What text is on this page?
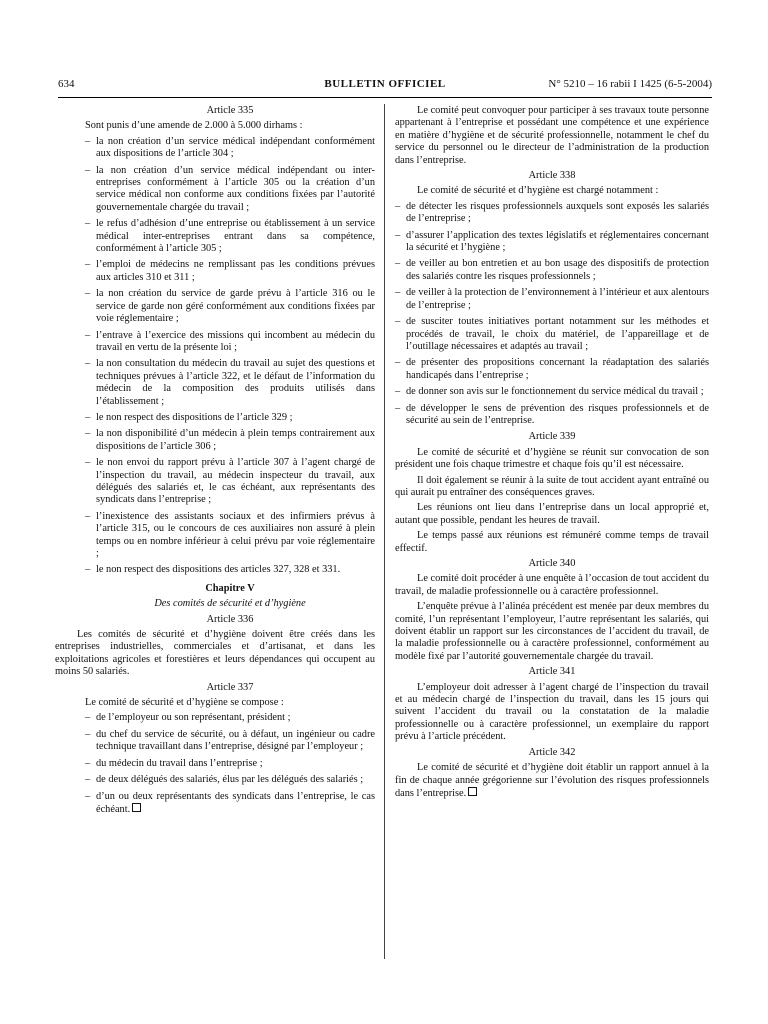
634	BULLETIN OFFICIEL	N° 5210 – 16 rabii I 1425 (6-5-2004)
Article 335
Sont punis d’une amende de 2.000 à 5.000 dirhams :
– la non création d’un service médical indépendant conformément aux dispositions de l’article 304 ;
– la non création d’un service médical indépendant ou inter-entreprises conformément à l’article 305 ou la création d’un service médical non conforme aux conditions fixées par l’autorité gouvernementale chargée du travail ;
– le refus d’adhésion d’une entreprise ou établissement à un service médical inter-entreprises entrant dans sa compétence, conformément à l’article 305 ;
– l’emploi de médecins ne remplissant pas les conditions prévues aux articles 310 et 311 ;
– la non création du service de garde prévu à l’article 316 ou le service de garde non géré conformément aux conditions fixées par voie réglementaire ;
– l’entrave à l’exercice des missions qui incombent au médecin du travail en vertu de la présente loi ;
– la non consultation du médecin du travail au sujet des questions et techniques prévues à l’article 322, et le défaut de l’information du médecin de la composition des produits utilisés dans l’établissement ;
– le non respect des dispositions de l’article 329 ;
– la non disponibilité d’un médecin à plein temps contrairement aux dispositions de l’article 306 ;
– le non envoi du rapport prévu à l’article 307 à l’agent chargé de l’inspection du travail, au médecin inspecteur du travail, aux délégués des salariés et, le cas échéant, aux représentants des syndicats dans l’entreprise ;
– l’inexistence des assistants sociaux et des infirmiers prévus à l’article 315, ou le concours de ces auxiliaires non assuré à plein temps ou en nombre inférieur à celui prévu par voie réglementaire ;
– le non respect des dispositions des articles 327, 328 et 331.
Chapitre V
Des comités de sécurité et d’hygiène
Article 336
Les comités de sécurité et d’hygiène doivent être créés dans les entreprises industrielles, commerciales et d’artisanat, et dans les exploitations agricoles et forestières et leurs dépendances qui occupent au moins 50 salariés.
Article 337
Le comité de sécurité et d’hygiène se compose :
– de l’employeur ou son représentant, président ;
– du chef du service de sécurité, ou à défaut, un ingénieur ou cadre technique travaillant dans l’entreprise, désigné par l’employeur ;
– du médecin du travail dans l’entreprise ;
– de deux délégués des salariés, élus par les délégués des salariés ;
– d’un ou deux représentants des syndicats dans l’entreprise, le cas échéant.
Le comité peut convoquer pour participer à ses travaux toute personne appartenant à l’entreprise et possédant une compétence et une expérience en matière d’hygiène et de sécurité professionnelle, notamment le chef du service du personnel ou le directeur de l’administration de la production dans l’entreprise.
Article 338
Le comité de sécurité et d’hygiène est chargé notamment :
– de détecter les risques professionnels auxquels sont exposés les salariés de l’entreprise ;
– d’assurer l’application des textes législatifs et réglementaires concernant la sécurité et l’hygiène ;
– de veiller au bon entretien et au bon usage des dispositifs de protection des salariés contre les risques professionnels ;
– de veiller à la protection de l’environnement à l’intérieur et aux alentours de l’entreprise ;
– de susciter toutes initiatives portant notamment sur les méthodes et procédés de travail, le choix du matériel, de l’appareillage et de l’outillage nécessaires et adaptés au travail ;
– de présenter des propositions concernant la réadaptation des salariés handicapés dans l’entreprise ;
– de donner son avis sur le fonctionnement du service médical du travail ;
– de développer le sens de prévention des risques professionnels et de sécurité au sein de l’entreprise.
Article 339
Le comité de sécurité et d’hygiène se réunit sur convocation de son président une fois chaque trimestre et chaque fois qu’il est nécessaire.
Il doit également se réunir à la suite de tout accident ayant entraîné ou qui aurait pu entraîner des conséquences graves.
Les réunions ont lieu dans l’entreprise dans un local approprié et, autant que possible, pendant les heures de travail.
Le temps passé aux réunions est rémunéré comme temps de travail effectif.
Article 340
Le comité doit procéder à une enquête à l’occasion de tout accident du travail, de maladie professionnelle ou à caractère professionnel.
L’enquête prévue à l’alinéa précédent est menée par deux membres du comité, l’un représentant l’employeur, l’autre représentant les salariés, qui doivent établir un rapport sur les circonstances de l’accident du travail, de la maladie professionnelle ou à caractère professionnel, conformément au modèle fixé par l’autorité gouvernementale chargée du travail.
Article 341
L’employeur doit adresser à l’agent chargé de l’inspection du travail et au médecin chargé de l’inspection du travail, dans les 15 jours qui suivent l’accident du travail ou la constatation de la maladie professionnelle ou à caractère professionnel, un exemplaire du rapport prévu à l’article précédent.
Article 342
Le comité de sécurité et d’hygiène doit établir un rapport annuel à la fin de chaque année grégorienne sur l’évolution des risques professionnels dans l’entreprise.
